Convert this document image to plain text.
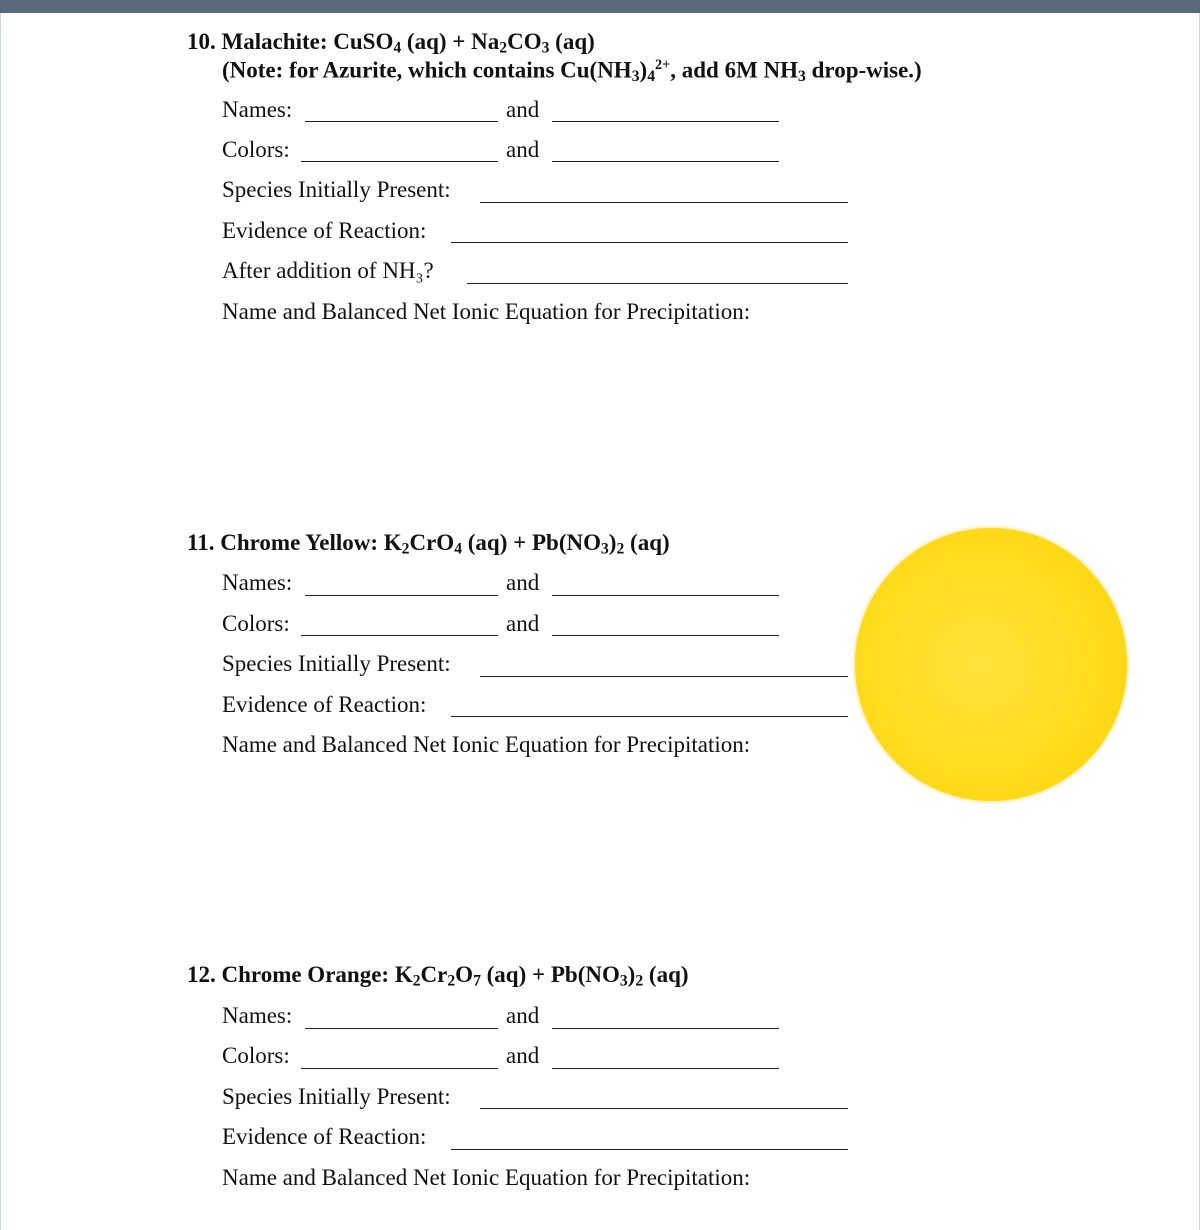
10. Malachite: CuSO$_4$ $(aq) + Na_2CO_3$ (aq)
(Note: for Azurite, which contains $Cu(NH_3)_4^{2+}$, add 6M $NH_3$ drop-wise.)
Names:	and
Colors:	and
Species Initially Present:
Evidence of Reaction:
After addition of NH₃?
Name and Balanced Net Ionic Equation for Precipitation:
11. Chrome Yellow: $K_2CrO_4$ $(aq) + Pb(NO_3)_2$ (aq)
Names:	and
Colors:	and
Species Initially Present:
Evidence of Reaction:
Name and Balanced Net Ionic Equation for Precipitation:
12. Chrome Orange: $K_2Cr_2O_7$ $(aq) + Pb(NO_3)_2$ (aq)
Names:	and
Colors:	and
Species Initially Present:
Evidence of Reaction:
Name and Balanced Net Ionic Equation for Precipitation:
